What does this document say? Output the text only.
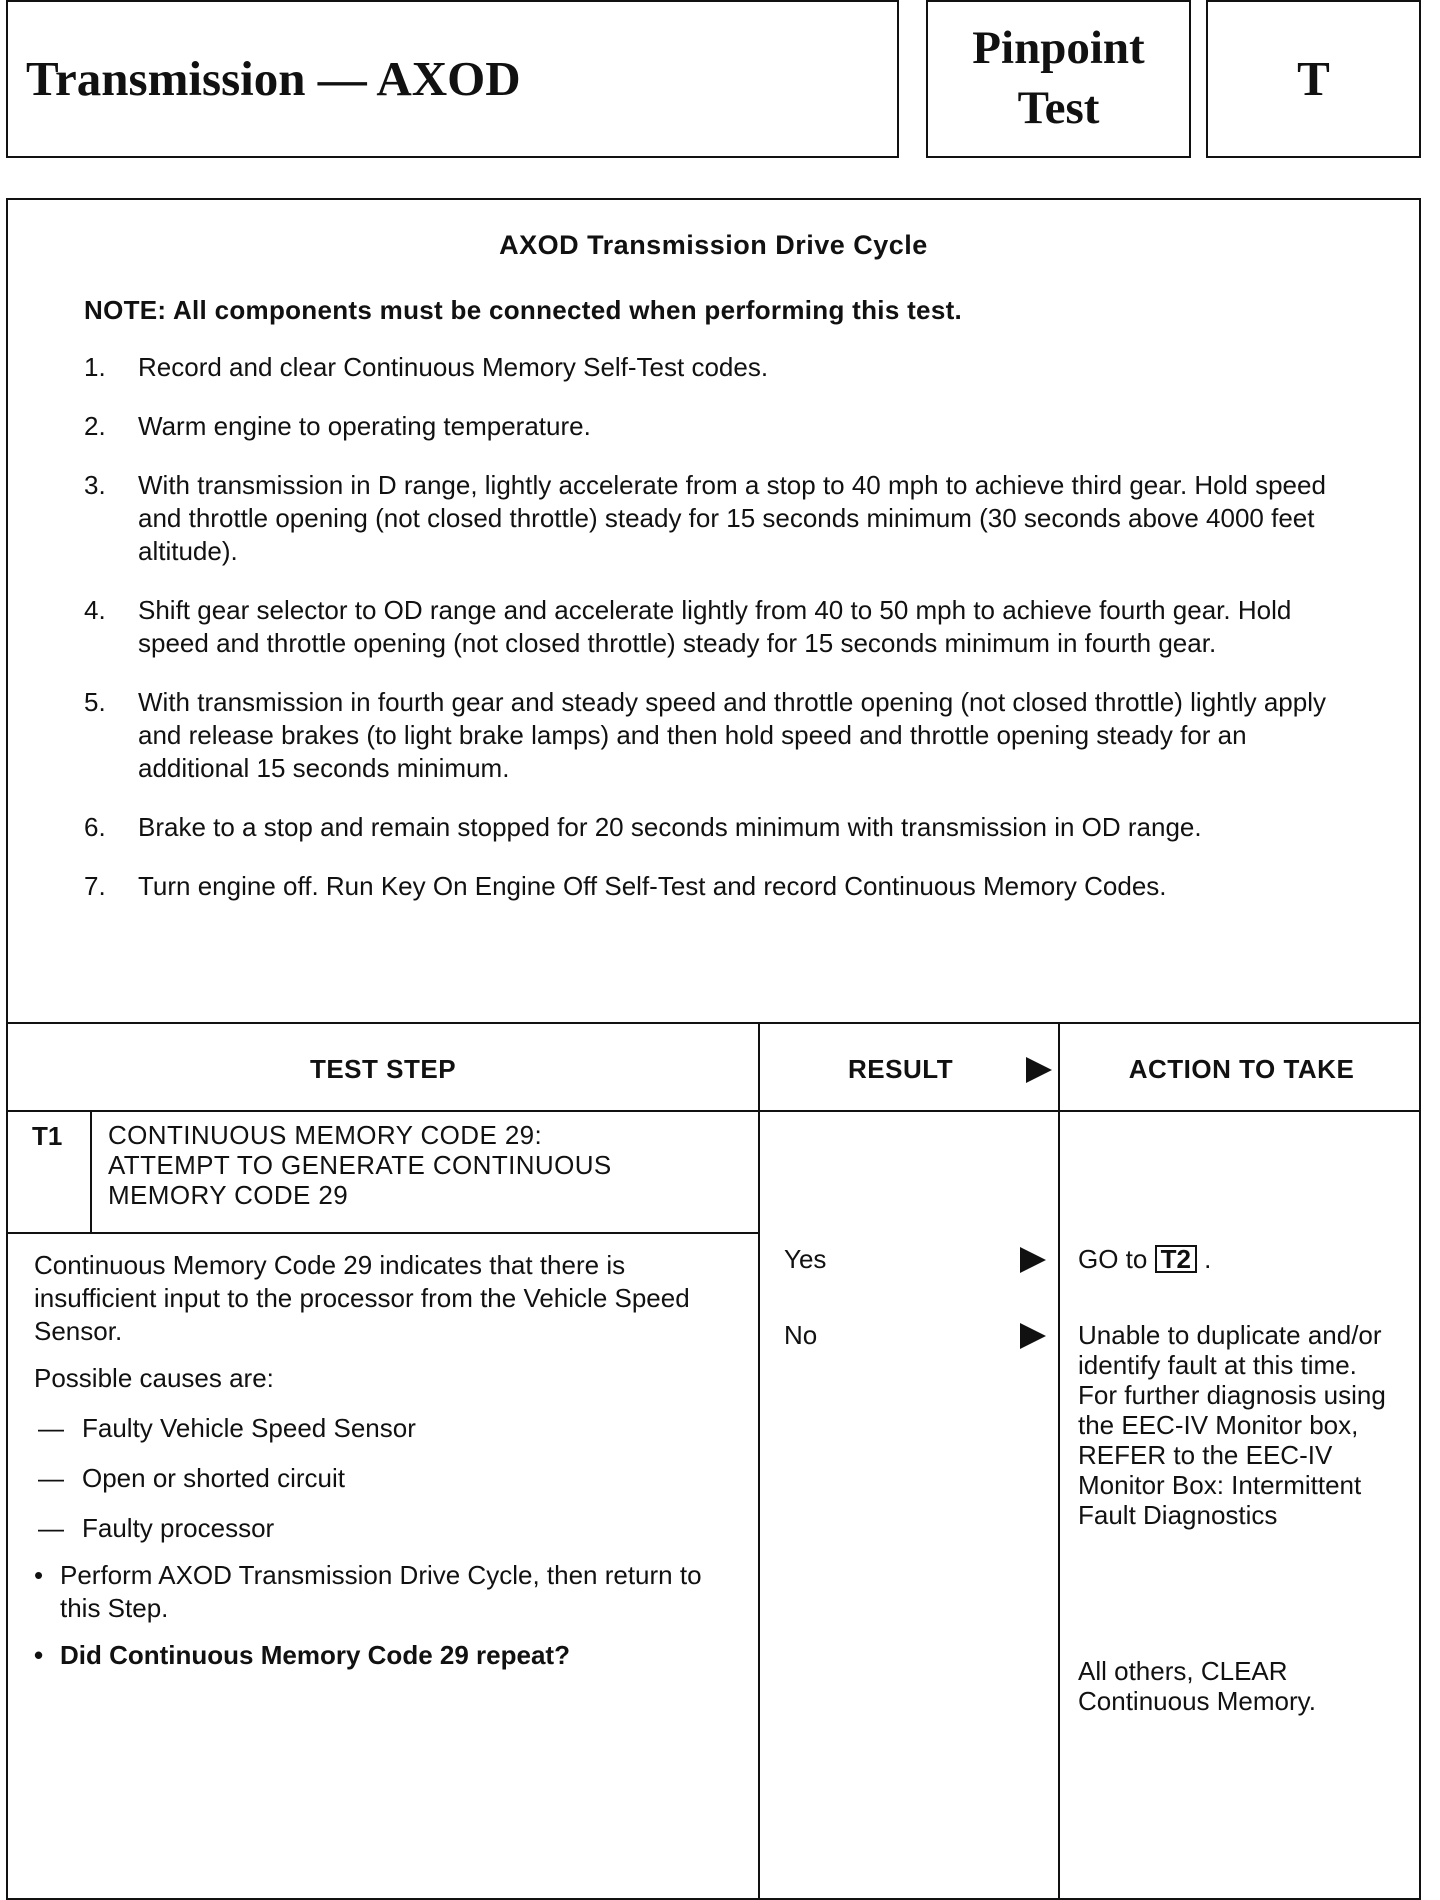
Transmission — AXOD
Pinpoint
Test
T
AXOD Transmission Drive Cycle
NOTE: All components must be connected when performing this test.
1. Record and clear Continuous Memory Self-Test codes.
2. Warm engine to operating temperature.
3. With transmission in D range, lightly accelerate from a stop to 40 mph to achieve third gear. Hold speed and throttle opening (not closed throttle) steady for 15 seconds minimum (30 seconds above 4000 feet altitude).
4. Shift gear selector to OD range and accelerate lightly from 40 to 50 mph to achieve fourth gear. Hold speed and throttle opening (not closed throttle) steady for 15 seconds minimum in fourth gear.
5. With transmission in fourth gear and steady speed and throttle opening (not closed throttle) lightly apply and release brakes (to light brake lamps) and then hold speed and throttle opening steady for an additional 15 seconds minimum.
6. Brake to a stop and remain stopped for 20 seconds minimum with transmission in OD range.
7. Turn engine off. Run Key On Engine Off Self-Test and record Continuous Memory Codes.
TEST STEP	RESULT	ACTION TO TAKE
T1 CONTINUOUS MEMORY CODE 29:
ATTEMPT TO GENERATE CONTINUOUS
MEMORY CODE 29

Continuous Memory Code 29 indicates that there is insufficient input to the processor from the Vehicle Speed Sensor.

Possible causes are:

— Faulty Vehicle Speed Sensor

— Open or shorted circuit

— Faulty processor

• Perform AXOD Transmission Drive Cycle, then return to this Step.

• Did Continuous Memory Code 29 repeat?

Yes
No
GO to T2 .
Unable to duplicate and/or identify fault at this time. For further diagnosis using the EEC-IV Monitor box, REFER to the EEC-IV Monitor Box: Intermittent Fault Diagnostics
All others, CLEAR Continuous Memory.
